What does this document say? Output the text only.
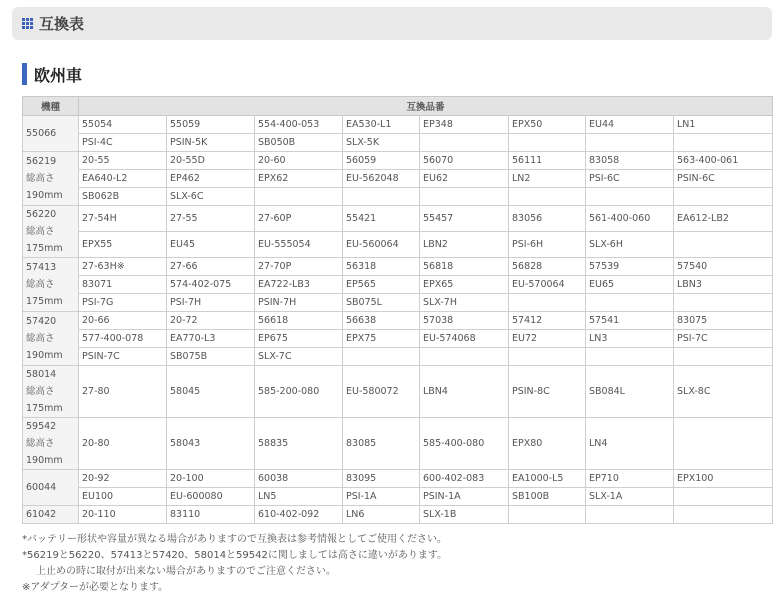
互換表
欧州車
機種	互換品番							

55066	55054	55059	554-400-053	EA530-L1	EP348	EPX50	EU44	LN1
	PSI-4C	PSIN-5K	SB050B	SLX-5K				

56219
総高さ
190mm	20-55	20-55D	20-60	56059	56070	56111	83058	563-400-061
	EA640-L2	EP462	EPX62	EU-562048	EU62	LN2	PSI-6C	PSIN-6C
	SB062B	SLX-6C						

56220
総高さ
175mm	27-54H	27-55	27-60P	55421	55457	83056	561-400-060	EA612-LB2
	EPX55	EU45	EU-555054	EU-560064	LBN2	PSI-6H	SLX-6H	

57413
総高さ
175mm	27-63H※	27-66	27-70P	56318	56818	56828	57539	57540
	83071	574-402-075	EA722-LB3	EP565	EPX65	EU-570064	EU65	LBN3
	PSI-7G	PSI-7H	PSIN-7H	SB075L	SLX-7H			

57420
総高さ
190mm	20-66	20-72	56618	56638	57038	57412	57541	83075
	577-400-078	EA770-L3	EP675	EPX75	EU-574068	EU72	LN3	PSI-7C
	PSIN-7C	SB075B	SLX-7C					

58014
総高さ
175mm	27-80	58045	585-200-080	EU-580072	LBN4	PSIN-8C	SB084L	SLX-8C

59542
総高さ
190mm	20-80	58043	58835	83085	585-400-080	EPX80	LN4	

60044	20-92	20-100	60038	83095	600-402-083	EA1000-L5	EP710	EPX100
	EU100	EU-600080	LN5	PSI-1A	PSIN-1A	SB100B	SLX-1A	

61042	20-110	83110	610-402-092	LN6	SLX-1B			
*バッテリー形状や容量が異なる場合がありますので互換表は参考情報としてご使用ください。
*56219と56220、57413と57420、58014と59542に関しましては高さに違いがあります。
上止めの時に取付が出来ない場合がありますのでご注意ください。
※アダプターが必要となります。
